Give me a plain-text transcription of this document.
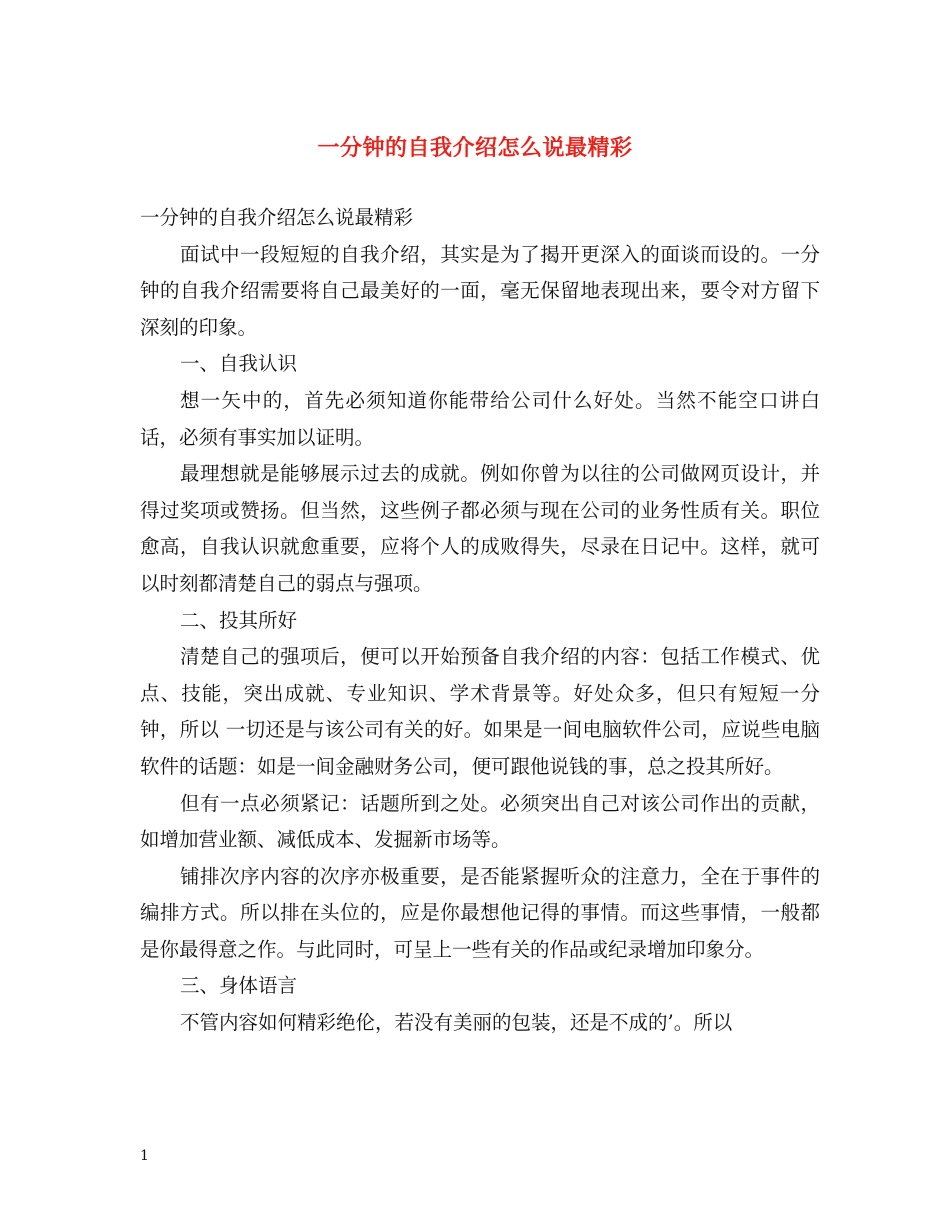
一分钟的自我介绍怎么说最精彩

一分钟的自我介绍怎么说最精彩

面试中一段短短的自我介绍，其实是为了揭开更深入的面谈而设的。一分钟的自我介绍需要将自己最美好的一面，毫无保留地表现出来，要令对方留下深刻的印象。

一、自我认识

想一矢中的，首先必须知道你能带给公司什么好处。当然不能空口讲白话，必须有事实加以证明。

最理想就是能够展示过去的成就。例如你曾为以往的公司做网页设计，并得过奖项或赞扬。但当然，这些例子都必须与现在公司的业务性质有关。职位愈高，自我认识就愈重要，应将个人的成败得失，尽录在日记中。这样，就可以时刻都清楚自己的弱点与强项。

二、投其所好

清楚自己的强项后，便可以开始预备自我介绍的内容：包括工作模式、优点、技能，突出成就、专业知识、学术背景等。好处众多，但只有短短一分钟，所以 一切还是与该公司有关的好。如果是一间电脑软件公司，应说些电脑软件的话题：如是一间金融财务公司，便可跟他说钱的事，总之投其所好。

但有一点必须紧记：话题所到之处。必须突出自己对该公司作出的贡献，如增加营业额、减低成本、发掘新市场等。

铺排次序内容的次序亦极重要，是否能紧握听众的注意力，全在于事件的编排方式。所以排在头位的，应是你最想他记得的事情。而这些事情，一般都是你最得意之作。与此同时，可呈上一些有关的作品或纪录增加印象分。

三、身体语言

不管内容如何精彩绝伦，若没有美丽的包装，还是不成的’。所以

1
